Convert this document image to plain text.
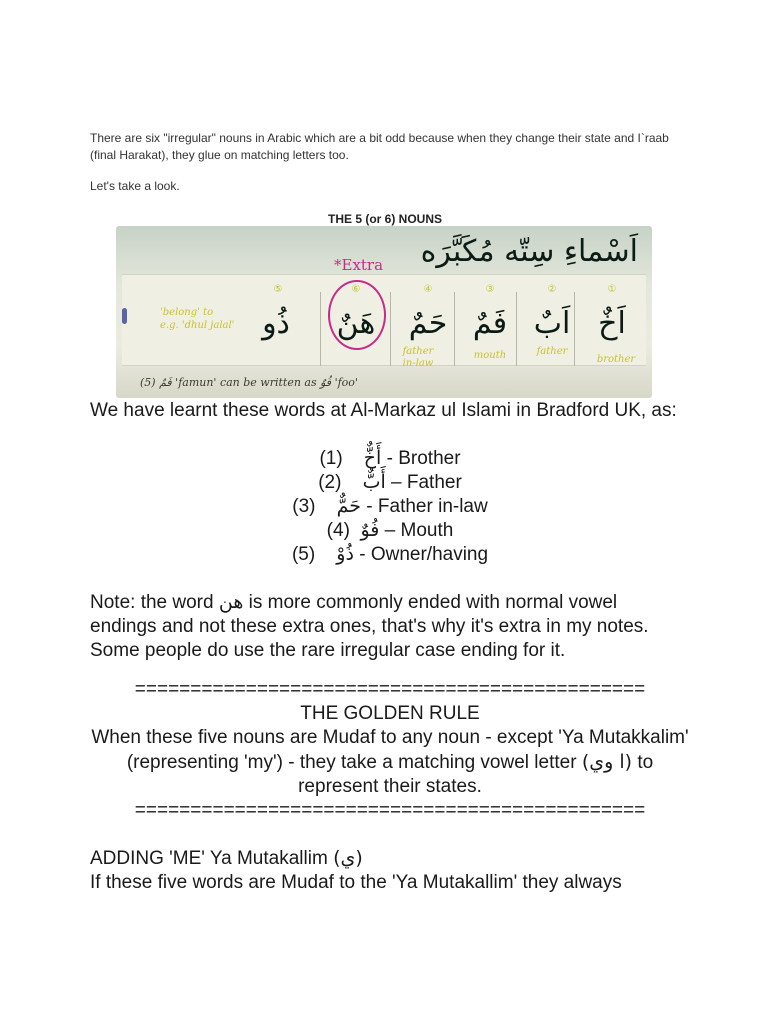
There are six "irregular" nouns in Arabic which are a bit odd because when they change their state and I`raab (final Harakat), they glue on matching letters too.
Let's take a look.
THE 5 (or 6) NOUNS
اَسْماءِ سِتّه مُكَبَّرَه
*Extra
①
اَخٌ
brother
②
اَبٌ
father
③
فَمٌ
mouth
④
حَمٌ
father in-law
⑥
هَنٌ
⑤
ذُو
'belong' to
e.g. 'dhul jalal'
(5) فَمٌ 'famun' can be written as فُوٌ 'foo'
We have learnt these words at Al-Markaz ul Islami in Bradford UK, as:
(1) أَخٌّ - Brother
(2) أَبٌّ – Father
(3) حَمٌّ - Father in-law
(4) فُوٌ – Mouth
(5) ذُوْ - Owner/having
Note: the word هن is more commonly ended with normal vowel endings and not these extra ones, that's why it's extra in my notes. Some people do use the rare irregular case ending for it.
==============================================
THE GOLDEN RULE
When these five nouns are Mudaf to any noun - except 'Ya Mutakkalim' (representing 'my') - they take a matching vowel letter (ا وي) to represent their states.
==============================================
ADDING 'ME' Ya Mutakallim (ي)
If these five words are Mudaf to the 'Ya Mutakallim' they always
